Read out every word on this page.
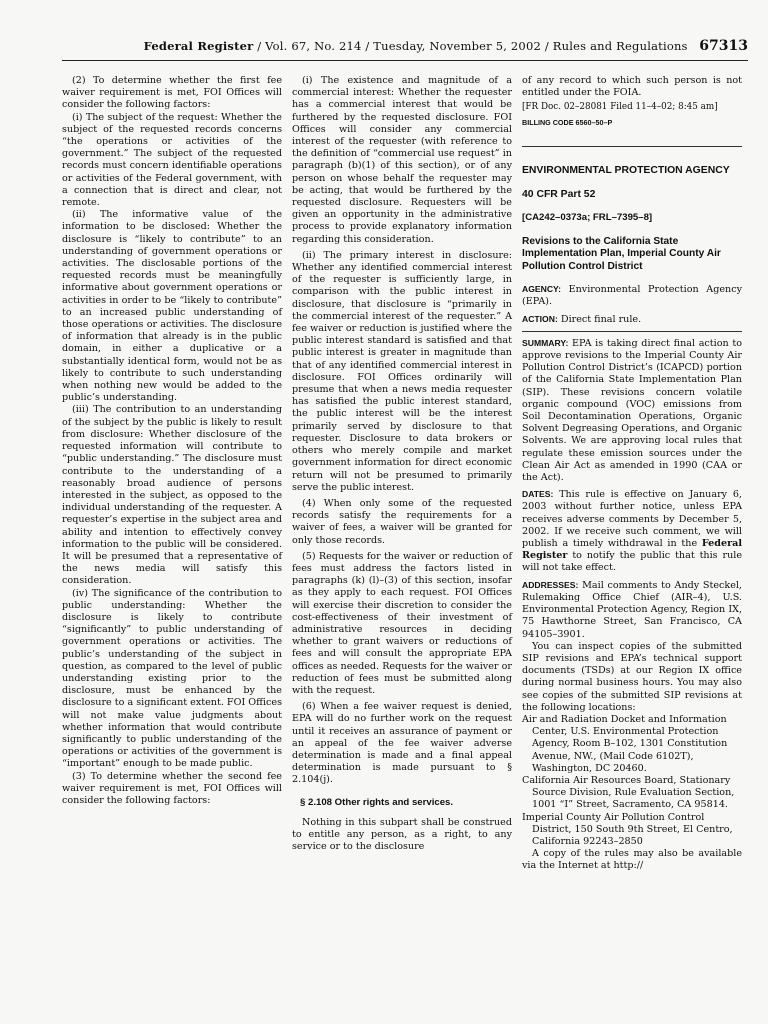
Federal Register / Vol. 67, No. 214 / Tuesday, November 5, 2002 / Rules and Regulations 67313

(2) To determine whether the first fee waiver requirement is met, FOI Offices will consider the following factors:

(i) The subject of the request: Whether the subject of the requested records concerns “the operations or activities of the government.” The subject of the requested records must concern identifiable operations or activities of the Federal government, with a connection that is direct and clear, not remote.

(ii) The informative value of the information to be disclosed: Whether the disclosure is “likely to contribute” to an understanding of government operations or activities. The disclosable portions of the requested records must be meaningfully informative about government operations or activities in order to be “likely to contribute” to an increased public understanding of those operations or activities. The disclosure of information that already is in the public domain, in either a duplicative or a substantially identical form, would not be as likely to contribute to such understanding when nothing new would be added to the public’s understanding.

(iii) The contribution to an understanding of the subject by the public is likely to result from disclosure: Whether disclosure of the requested information will contribute to “public understanding.” The disclosure must contribute to the understanding of a reasonably broad audience of persons interested in the subject, as opposed to the individual understanding of the requester. A requester’s expertise in the subject area and ability and intention to effectively convey information to the public will be considered. It will be presumed that a representative of the news media will satisfy this consideration.

(iv) The significance of the contribution to public understanding: Whether the disclosure is likely to contribute “significantly” to public understanding of government operations or activities. The public’s understanding of the subject in question, as compared to the level of public understanding existing prior to the disclosure, must be enhanced by the disclosure to a significant extent. FOI Offices will not make value judgments about whether information that would contribute significantly to public understanding of the operations or activities of the government is “important” enough to be made public.

(3) To determine whether the second fee waiver requirement is met, FOI Offices will consider the following factors:

(i) The existence and magnitude of a commercial interest: Whether the requester has a commercial interest that would be furthered by the requested disclosure. FOI Offices will consider any commercial interest of the requester (with reference to the definition of “commercial use request” in paragraph (b)(1) of this section), or of any person on whose behalf the requester may be acting, that would be furthered by the requested disclosure. Requesters will be given an opportunity in the administrative process to provide explanatory information regarding this consideration.

(ii) The primary interest in disclosure: Whether any identified commercial interest of the requester is sufficiently large, in comparison with the public interest in disclosure, that disclosure is “primarily in the commercial interest of the requester.” A fee waiver or reduction is justified where the public interest standard is satisfied and that public interest is greater in magnitude than that of any identified commercial interest in disclosure. FOI Offices ordinarily will presume that when a news media requester has satisfied the public interest standard, the public interest will be the interest primarily served by disclosure to that requester. Disclosure to data brokers or others who merely compile and market government information for direct economic return will not be presumed to primarily serve the public interest.

(4) When only some of the requested records satisfy the requirements for a waiver of fees, a waiver will be granted for only those records.

(5) Requests for the waiver or reduction of fees must address the factors listed in paragraphs (k) (l)–(3) of this section, insofar as they apply to each request. FOI Offices will exercise their discretion to consider the cost-effectiveness of their investment of administrative resources in deciding whether to grant waivers or reductions of fees and will consult the appropriate EPA offices as needed. Requests for the waiver or reduction of fees must be submitted along with the request.

(6) When a fee waiver request is denied, EPA will do no further work on the request until it receives an assurance of payment or an appeal of the fee waiver adverse determination is made and a final appeal determination is made pursuant to § 2.104(j).

§ 2.108 Other rights and services.

Nothing in this subpart shall be construed to entitle any person, as a right, to any service or to the disclosure

of any record to which such person is not entitled under the FOIA.

[FR Doc. 02–28081 Filed 11–4–02; 8:45 am]
BILLING CODE 6560–50–P
ENVIRONMENTAL PROTECTION AGENCY
40 CFR Part 52
[CA242–0373a; FRL–7395–8]
Revisions to the California State Implementation Plan, Imperial County Air Pollution Control District

AGENCY: Environmental Protection Agency (EPA).

ACTION: Direct final rule.

SUMMARY: EPA is taking direct final action to approve revisions to the Imperial County Air Pollution Control District’s (ICAPCD) portion of the California State Implementation Plan (SIP). These revisions concern volatile organic compound (VOC) emissions from Soil Decontamination Operations, Organic Solvent Degreasing Operations, and Organic Solvents. We are approving local rules that regulate these emission sources under the Clean Air Act as amended in 1990 (CAA or the Act).

DATES: This rule is effective on January 6, 2003 without further notice, unless EPA receives adverse comments by December 5, 2002. If we receive such comment, we will publish a timely withdrawal in the Federal Register to notify the public that this rule will not take effect.

ADDRESSES: Mail comments to Andy Steckel, Rulemaking Office Chief (AIR–4), U.S. Environmental Protection Agency, Region IX, 75 Hawthorne Street, San Francisco, CA 94105–3901.

You can inspect copies of the submitted SIP revisions and EPA’s technical support documents (TSDs) at our Region IX office during normal business hours. You may also see copies of the submitted SIP revisions at the following locations:

Air and Radiation Docket and Information Center, U.S. Environmental Protection Agency, Room B–102, 1301 Constitution Avenue, NW., (Mail Code 6102T), Washington, DC 20460.

California Air Resources Board, Stationary Source Division, Rule Evaluation Section, 1001 “I” Street, Sacramento, CA 95814.

Imperial County Air Pollution Control District, 150 South 9th Street, El Centro, California 92243–2850

A copy of the rules may also be available via the Internet at http://
